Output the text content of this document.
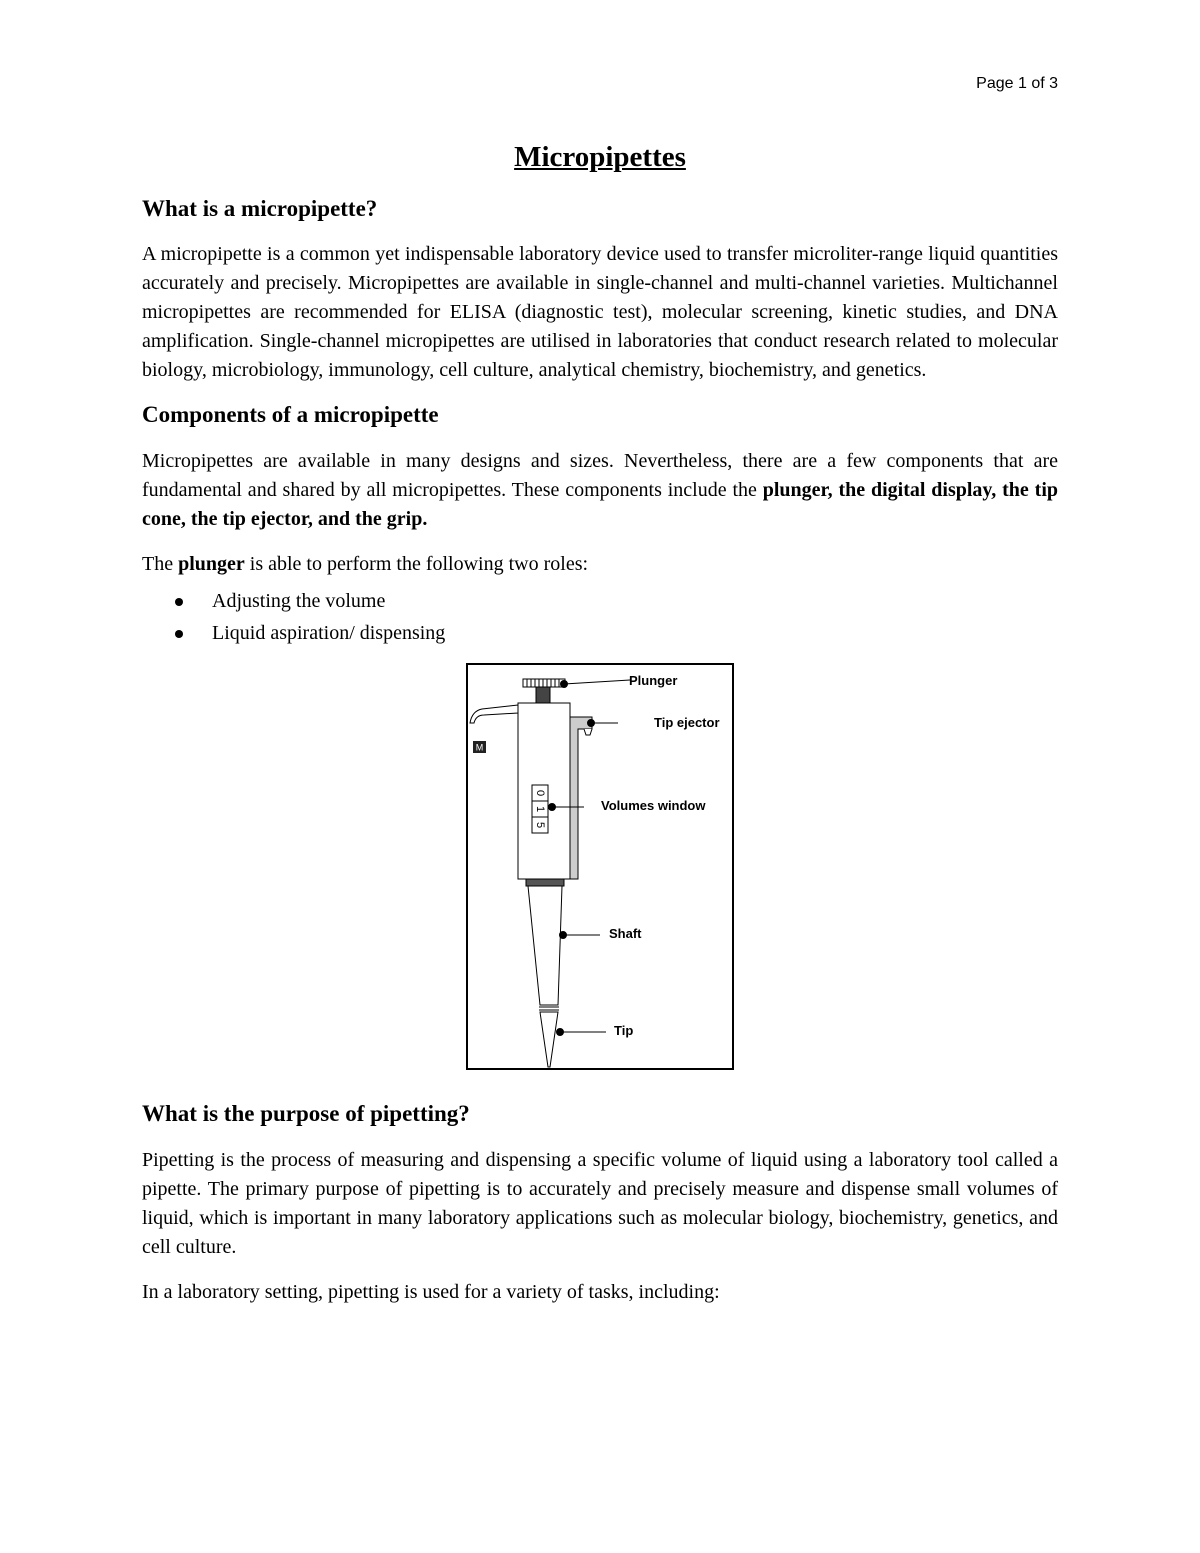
Page 1 of 3
Micropipettes
What is a micropipette?

A micropipette is a common yet indispensable laboratory device used to transfer microliter-range liquid quantities accurately and precisely. Micropipettes are available in single-channel and multi-channel varieties. Multichannel micropipettes are recommended for ELISA (diagnostic test), molecular screening, kinetic studies, and DNA amplification. Single-channel micropipettes are utilised in laboratories that conduct research related to molecular biology, microbiology, immunology, cell culture, analytical chemistry, biochemistry, and genetics.

Components of a micropipette

Micropipettes are available in many designs and sizes. Nevertheless, there are a few components that are fundamental and shared by all micropipettes. These components include the plunger, the digital display, the tip cone, the tip ejector, and the grip.

The plunger is able to perform the following two roles:

Adjusting the volume
Liquid aspiration/ dispensing
M
0
1
5
Plunger
Tip ejector
Volumes window
Shaft
Tip
What is the purpose of pipetting?

Pipetting is the process of measuring and dispensing a specific volume of liquid using a laboratory tool called a pipette. The primary purpose of pipetting is to accurately and precisely measure and dispense small volumes of liquid, which is important in many laboratory applications such as molecular biology, biochemistry, genetics, and cell culture.

In a laboratory setting, pipetting is used for a variety of tasks, including:
